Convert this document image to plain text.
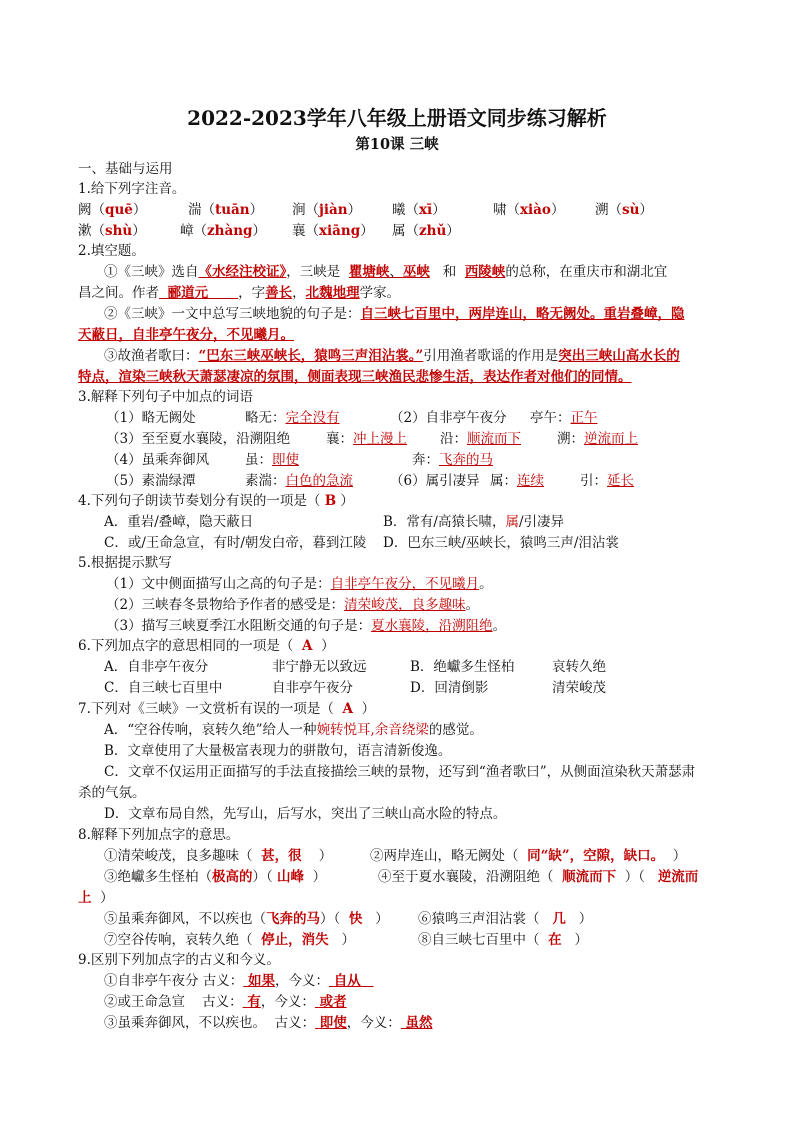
2022-2023学年八年级上册语文同步练习解析
第10课 三峡
一、基础与运用
1.给下列字注音。
阙（quē）	湍（tuān） 涧（jiàn） 曦（xī）	啸（xiào） 溯（sù）
漱（shù）	嶂（zhàng） 襄（xiāng） 属（zhǔ）
2.填空题。
①《三峡》选自《水经注校证》，三峡是 瞿塘峡、巫峡 和 西陵峡的总称，在重庆市和湖北宜
昌之间。作者 郦道元 ，字善长，北魏地理学家。
②《三峡》一文中总写三峡地貌的句子是：自三峡七百里中，两岸连山，略无阙处。重岩叠嶂，隐
天蔽日，自非亭午夜分，不见曦月。
③故渔者歌曰：“巴东三峡巫峡长，猿鸣三声泪沾裳。”引用渔者歌谣的作用是突出三峡山高水长的
特点，渲染三峡秋天萧瑟凄凉的氛围，侧面表现三峡渔民悲惨生活，表达作者对他们的同情。
3.解释下列句子中加点的词语
（1）略无阙处	略无：完全没有	（2）自非亭午夜分 亭午：正午
（3）至至夏水襄陵，沿溯阻绝	襄：冲上漫上 沿：顺流而下	溯：逆流而上
（4）虽乘奔御风	虽：即使	奔：飞奔的马
（5）素湍绿潭	素湍：白色的急流	（6）属引凄异 属：连续	引：延长
4.下列句子朗读节奏划分有误的一项是（ B ）
A．重岩/叠嶂，隐天蔽日	B．常有/高猿长啸，属/引凄异
C．或/王命急宣，有时/朝发白帝，暮到江陵 D．巴东三峡/巫峡长，猿鸣三声/泪沾裳
5.根据提示默写
（1）文中侧面描写山之高的句子是：自非亭午夜分，不见曦月。
（2）三峡春冬景物给予作者的感受是：清荣峻茂，良多趣味。
（3）描写三峡夏季江水阻断交通的句子是：夏水襄陵，沿溯阻绝。
6.下列加点字的意思相同的一项是（ A ）
A．自非亭午夜分	非宁静无以致远	B．绝巘多生怪柏	哀转久绝
C．自三峡七百里中	自非亭午夜分	D．回清倒影	清荣峻茂
7.下列对《三峡》一文赏析有误的一项是（ A ）
A．“空谷传响，哀转久绝”给人一种婉转悦耳,余音绕梁的感觉。
B．文章使用了大量极富表现力的骈散句，语言清新俊逸。
C．文章不仅运用正面描写的手法直接描绘三峡的景物，还写到“渔者歌曰”，从侧面渲染秋天萧瑟肃
杀的气氛。
D．文章布局自然，先写山，后写水，突出了三峡山高水险的特点。
8.解释下列加点字的意思。
①清荣峻茂，良多趣味（ 甚，很 ）	②两岸连山，略无阙处（ 同“缺”，空隙，缺口。 ）
③绝巘多生怪柏（极高的）（ 山峰 ）	④至于夏水襄陵，沿溯阻绝（ 顺流而下 ）（ 逆流而
上 ）
⑤虽乘奔御风，不以疾也（飞奔的马）（ 快 ） ⑥猿鸣三声泪沾裳（ 几 ）
⑦空谷传响，哀转久绝（ 停止，消失 ）	⑧自三峡七百里中（ 在 ）
9.区别下列加点字的古义和今义。
①自非亭午夜分 古义： 如果，今义： 自从
②或王命急宣 古义： 有，今义： 或者
③虽乘奔御风，不以疾也。 古义： 即使，今义： 虽然
